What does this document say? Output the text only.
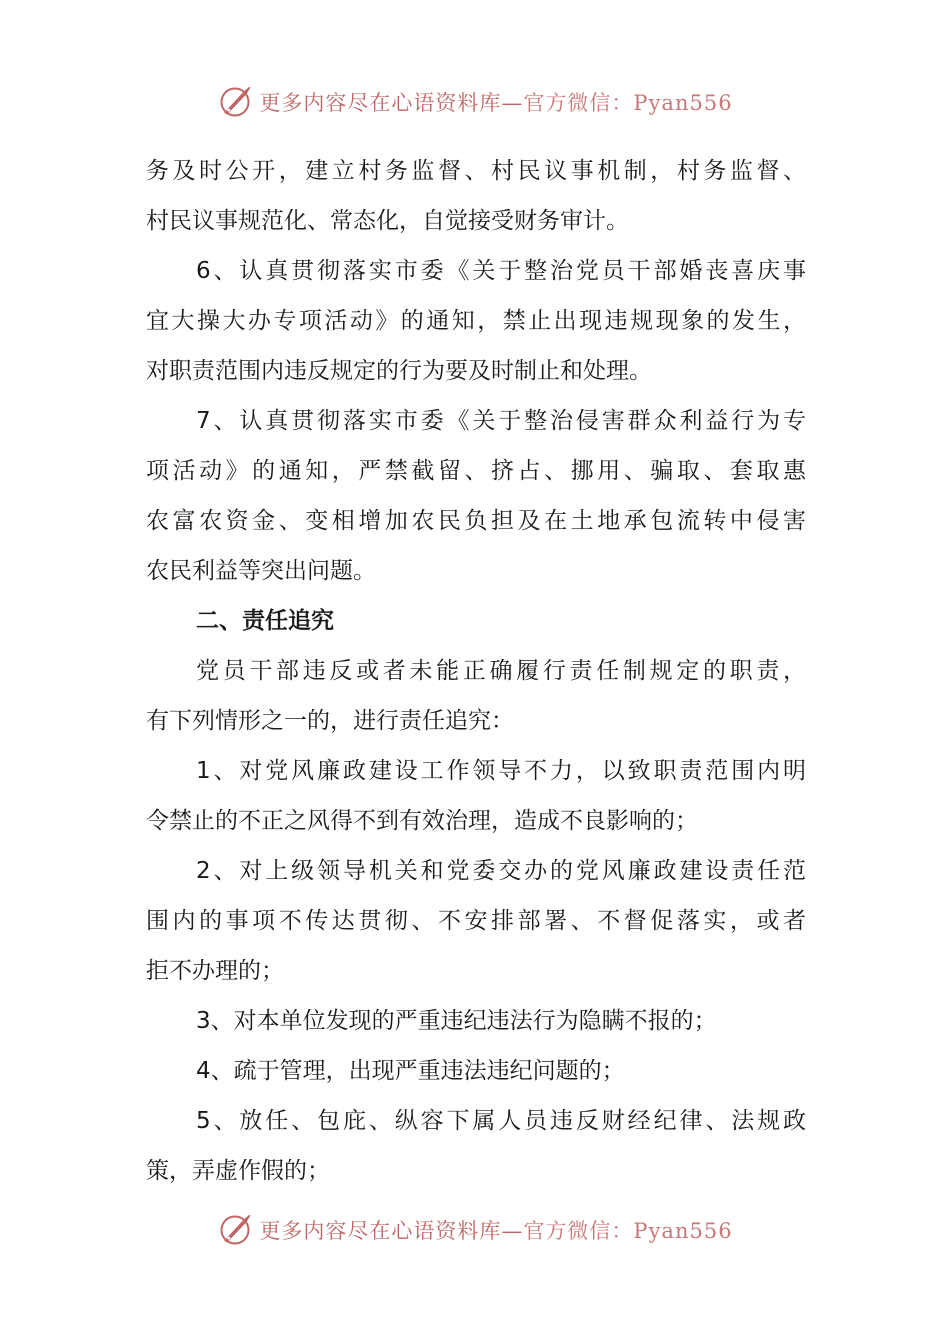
更多内容尽在心语资料库—官方微信：Pyan556
务及时公开，建立村务监督、村民议事机制，村务监督、
村民议事规范化、常态化，自觉接受财务审计。
6、认真贯彻落实市委《关于整治党员干部婚丧喜庆事
宜大操大办专项活动》的通知，禁止出现违规现象的发生，
对职责范围内违反规定的行为要及时制止和处理。
7、认真贯彻落实市委《关于整治侵害群众利益行为专
项活动》的通知，严禁截留、挤占、挪用、骗取、套取惠
农富农资金、变相增加农民负担及在土地承包流转中侵害
农民利益等突出问题。
二、责任追究
党员干部违反或者未能正确履行责任制规定的职责，
有下列情形之一的，进行责任追究：
1、对党风廉政建设工作领导不力，以致职责范围内明
令禁止的不正之风得不到有效治理，造成不良影响的；
2、对上级领导机关和党委交办的党风廉政建设责任范
围内的事项不传达贯彻、不安排部署、不督促落实，或者
拒不办理的；
3、对本单位发现的严重违纪违法行为隐瞒不报的；
4、疏于管理，出现严重违法违纪问题的；
5、放任、包庇、纵容下属人员违反财经纪律、法规政
策，弄虚作假的；
更多内容尽在心语资料库—官方微信：Pyan556
